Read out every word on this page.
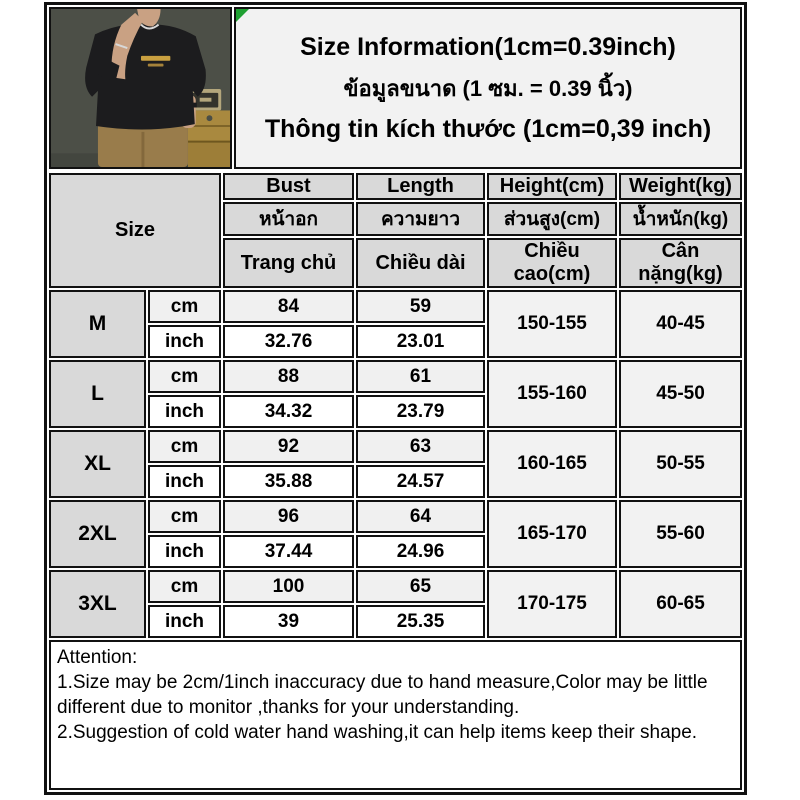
Size Information(1cm=0.39inch)
ข้อมูลขนาด (1 ซม. = 0.39 นิ้ว)
Thông tin kích thước (1cm=0,39 inch)
Size		Bust	Length	Height(cm)	Weight(kg)
		หน้าอก	ความยาว	ส่วนสูง(cm)	น้ำหนัก(kg)
		Trang chủ	Chiều dài	Chiều cao(cm)	Cân nặng(kg)
M	cm	84	59	150-155	40-45
	inch	32.76	23.01		
L	cm	88	61	155-160	45-50
	inch	34.32	23.79		
XL	cm	92	63	160-165	50-55
	inch	35.88	24.57		
2XL	cm	96	64	165-170	55-60
	inch	37.44	24.96		
3XL	cm	100	65	170-175	60-65
	inch	39	25.35		

Attention:

1.Size may be 2cm/1inch inaccuracy due to hand measure,Color may be little different due to monitor ,thanks for your understanding.

2.Suggestion of cold water hand washing,it can help items keep their shape.
